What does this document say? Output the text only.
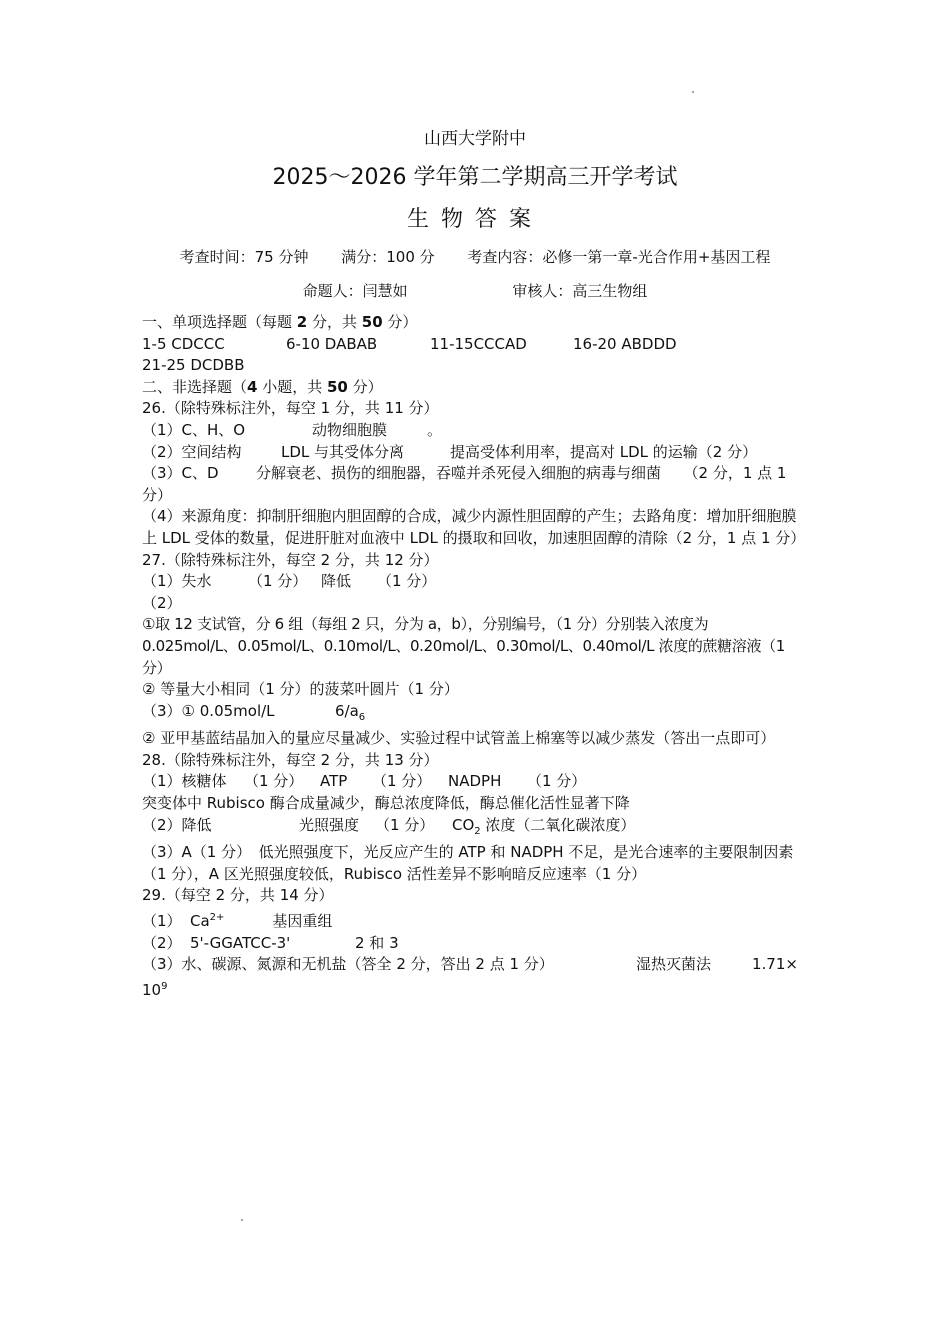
山西大学附中
2025～2026 学年第二学期高三开学考试
生物答案
考查时间：75 分钟 满分：100 分 考查内容：必修一第一章-光合作用+基因工程
命题人：闫慧如	审核人：高三生物组
一、单项选择题（每题 2 分，共 50 分）
1-5 CDCCC	6-10 DABAB	11-15CCCAD	16-20 ABDDD
21-25 DCDBB
二、非选择题（4 小题，共 50 分）
26.（除特殊标注外，每空 1 分，共 11 分）
（1）C、H、O	动物细胞膜	。
（2）空间结构	LDL 与其受体分离	提高受体利用率，提高对 LDL 的运输（2 分）
（3）C、D 分解衰老、损伤的细胞器，吞噬并杀死侵入细胞的病毒与细菌　　 （2 分，1 点 1 分）
（4）来源角度：抑制肝细胞内胆固醇的合成，减少内源性胆固醇的产生；去路角度：增加肝细胞膜上 LDL 受体的数量，促进肝脏对血液中 LDL 的摄取和回收，加速胆固醇的清除（2 分，1 点 1 分）
27.（除特殊标注外，每空 2 分，共 12 分）
（1）失水 （1 分） 降低 （1 分）
（2）
①取 12 支试管，分 6 组（每组 2 只，分为 a，b），分别编号，（1 分）分别装入浓度为 0.025mol/L、0.05mol/L、0.10mol/L、0.20mol/L、0.30mol/L、0.40mol/L 浓度的蔗糖溶液（1 分）
② 等量大小相同（1 分）的菠菜叶圆片（1 分）
（3）① 0.05mol/L	$6/a_6$
② 亚甲基蓝结晶加入的量应尽量减少、实验过程中试管盖上棉塞等以减少蒸发（答出一点即可）
28.（除特殊标注外，每空 2 分，共 13 分）
（1）核糖体 （1 分） ATP （1 分） NADPH （1 分）
突变体中 Rubisco 酶合成量减少，酶总浓度降低，酶总催化活性显著下降
（2）降低	光照强度 （1 分） $CO_2$ 浓度（二氧化碳浓度）
（3）A（1 分）　低光照强度下，光反应产生的 ATP 和 NADPH 不足，是光合速率的主要限制因素（1 分），A 区光照强度较低，Rubisco 活性差异不影响暗反应速率（1 分）
29.（每空 2 分，共 14 分）
（1） $Ca^{2+}$	基因重组
（2） 5'-GGATCC-3'	2 和 3
（3）水、碳源、氮源和无机盐（答全 2 分，答出 2 点 1 分）	湿热灭菌法	1.71×
$10^9$
